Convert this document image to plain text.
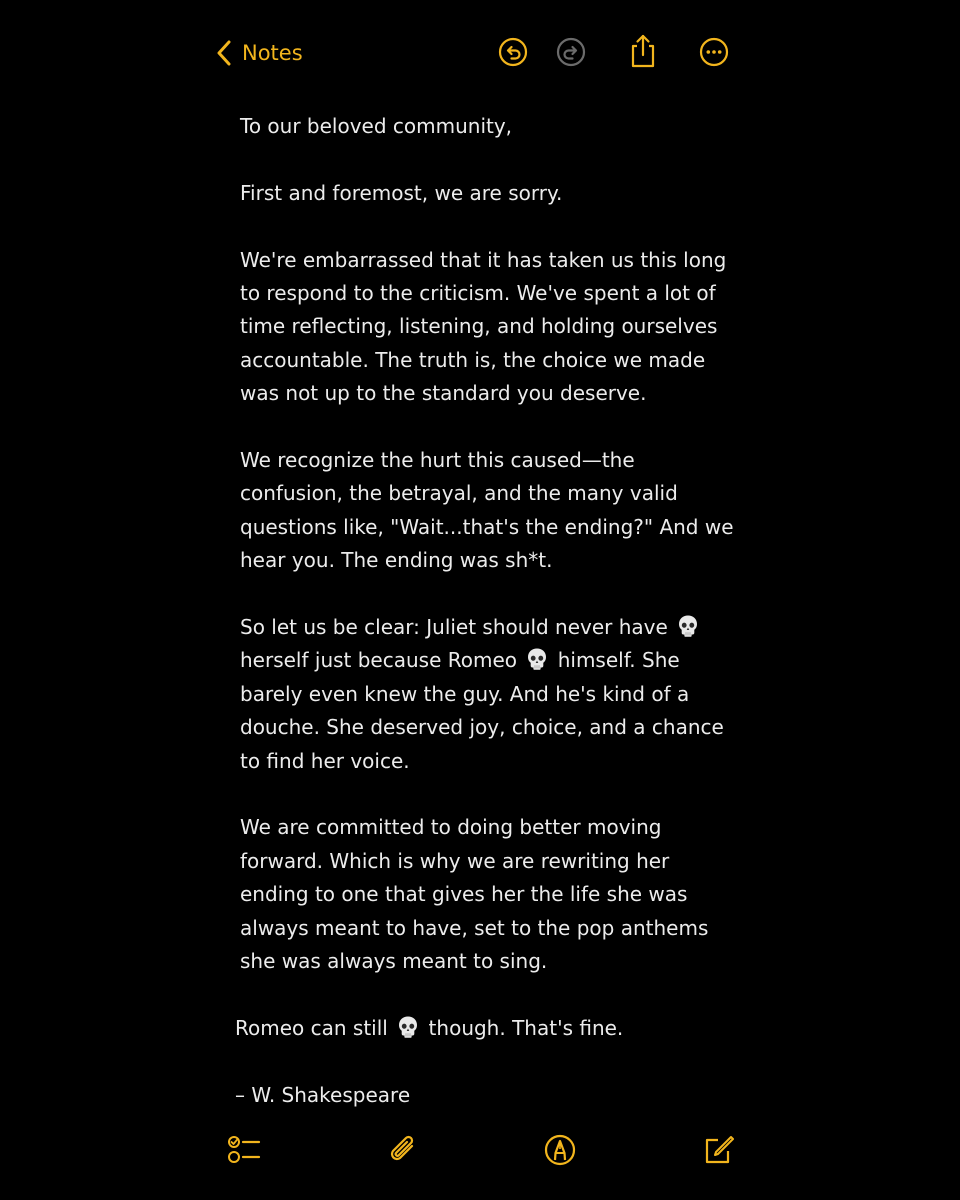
Notes

To our beloved community,

First and foremost, we are sorry.

We're embarrassed that it has taken us this long to respond to the criticism. We've spent a lot of time reflecting, listening, and holding ourselves accountable. The truth is, the choice we made was not up to the standard you deserve.

We recognize the hurt this caused—the confusion, the betrayal, and the many valid questions like, "Wait...that's the ending?" And we hear you. The ending was sh*t.

So let us be clear: Juliet should never have
herself just because Romeo
himself. She barely even knew the guy. And he's kind of a douche. She deserved joy, choice, and a chance to find her voice.

We are committed to doing better moving forward. Which is why we are rewriting her ending to one that gives her the life she was always meant to have, set to the pop anthems she was always meant to sing.

Romeo can still
though. That's fine.

– W. Shakespeare
